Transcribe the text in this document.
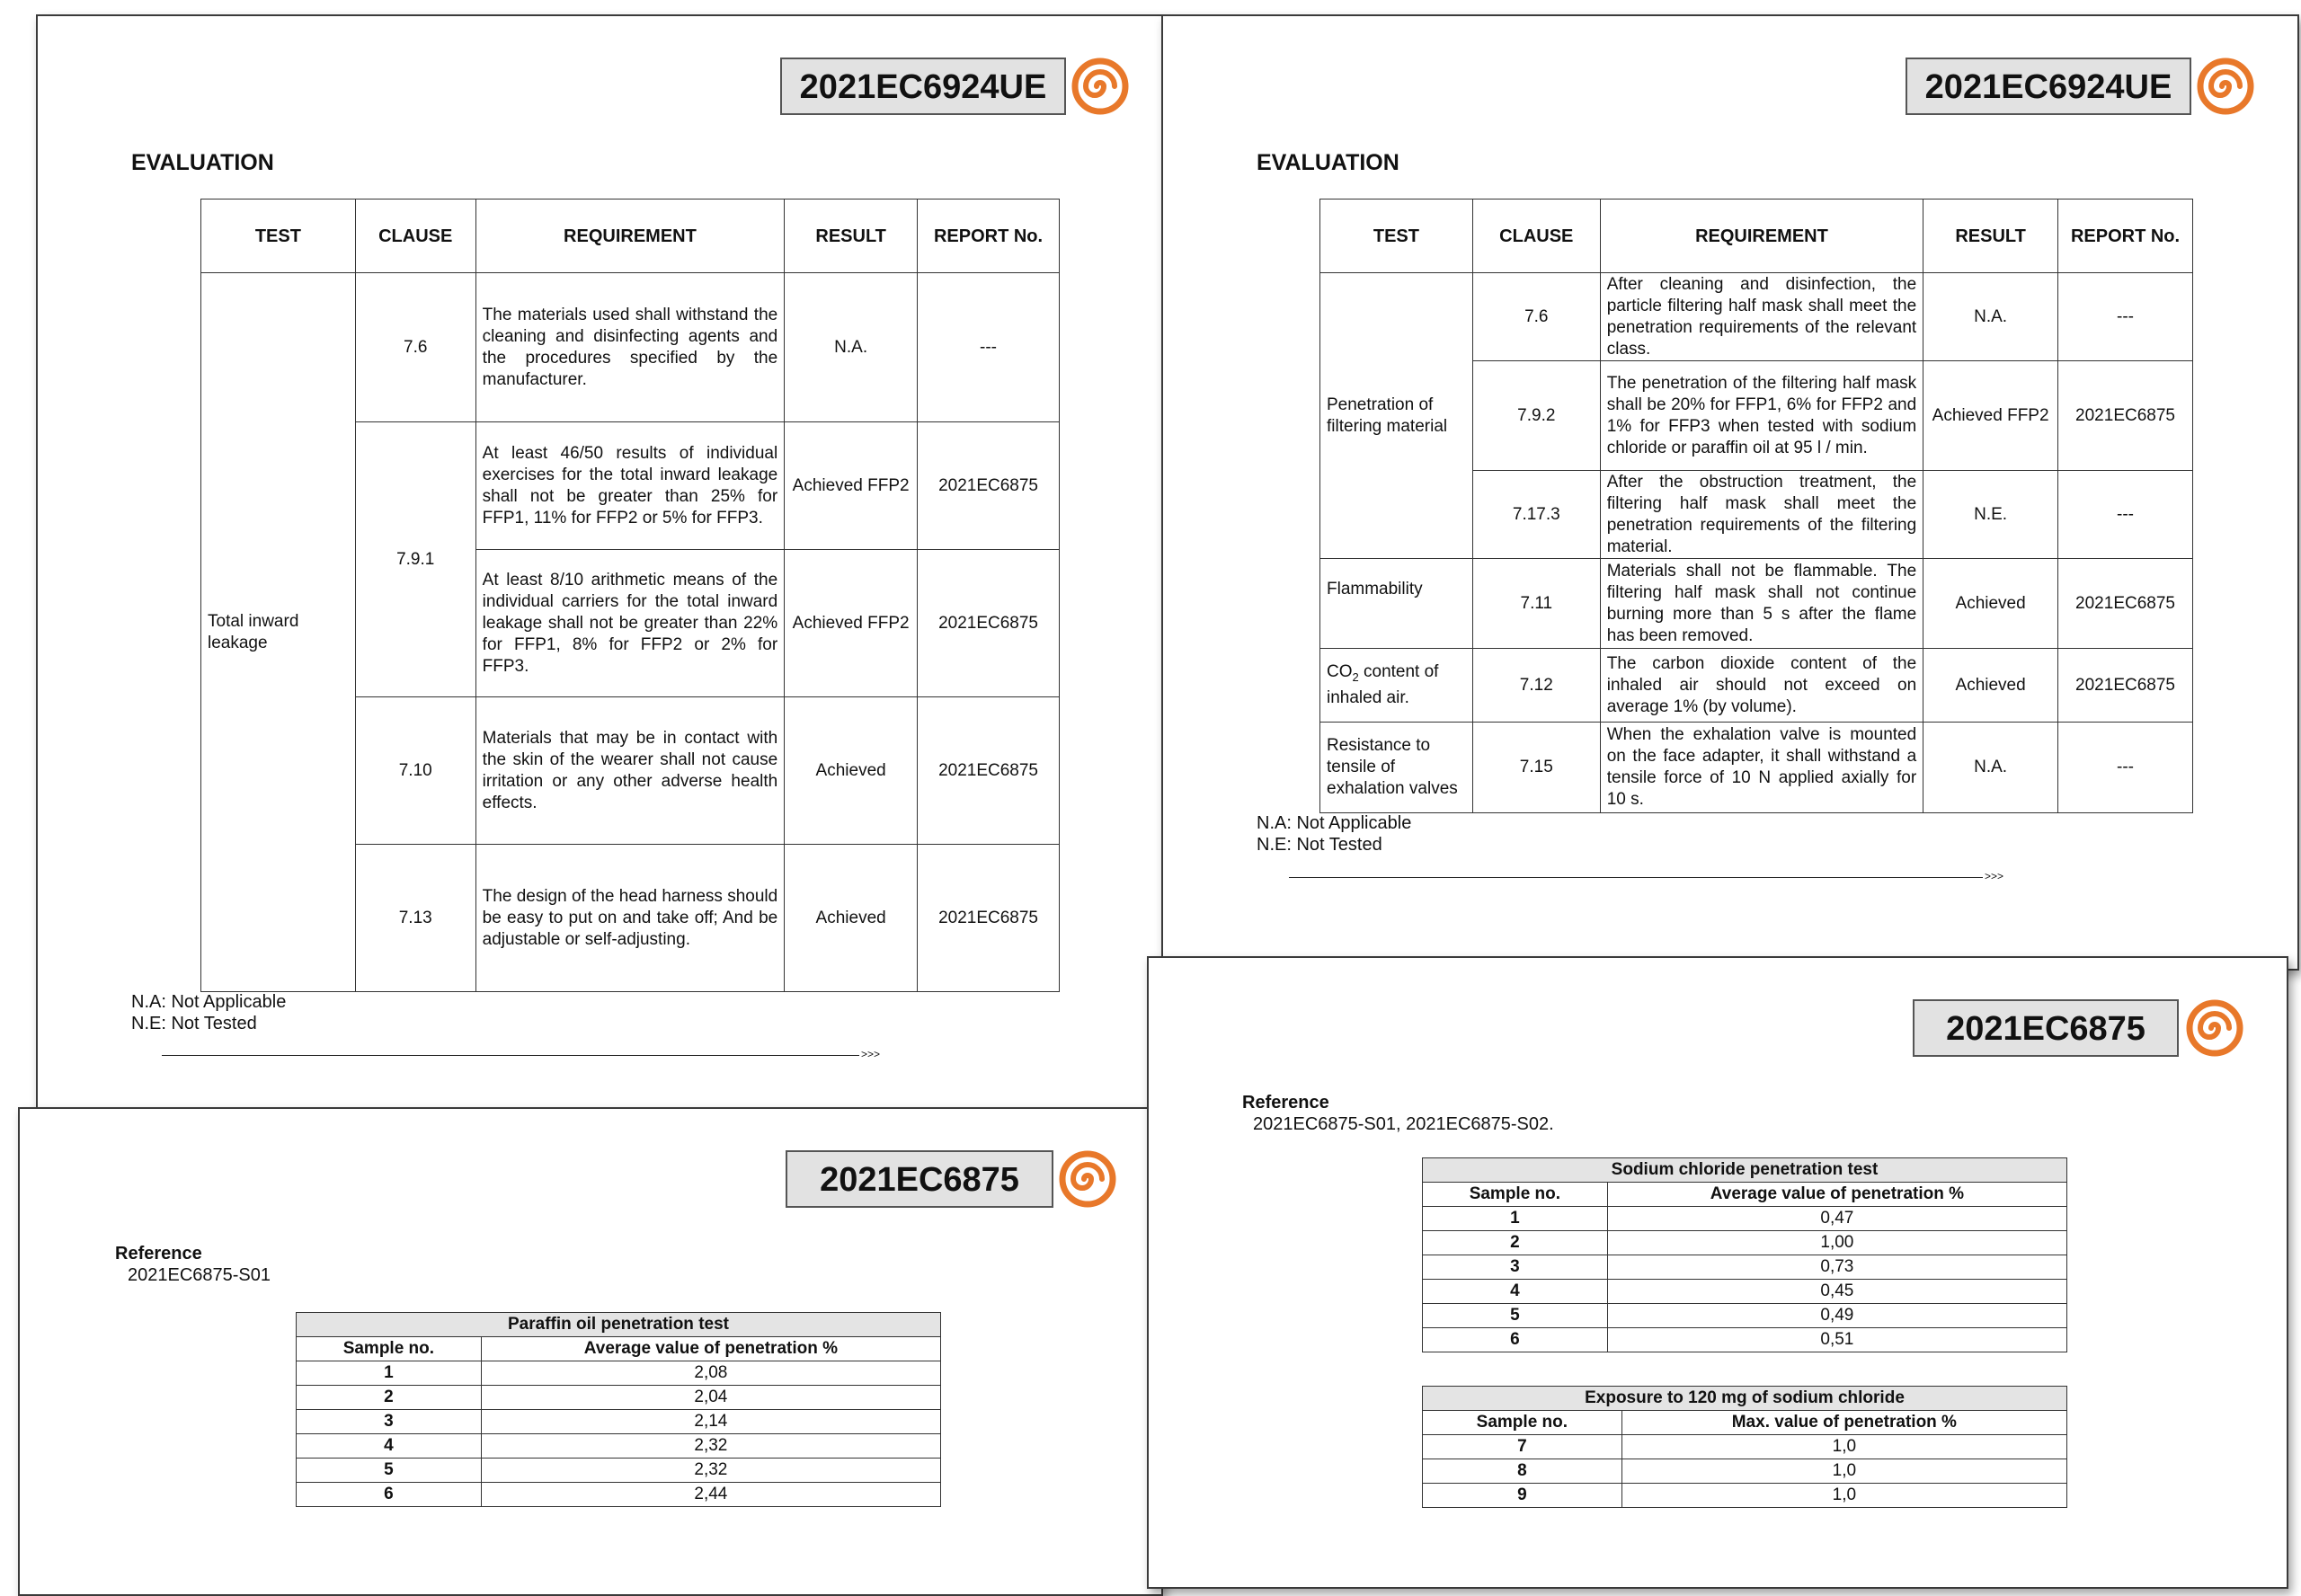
2021EC6924UE
EVALUATION
TEST	CLAUSE	REQUIREMENT	RESULT	REPORT No.
Total inward leakage	7.6	The materials used shall withstand the cleaning and disinfecting agents and the procedures specified by the manufacturer.	N.A.	---
	7.9.1	At least 46/50 results of individual exercises for the total inward leakage shall not be greater than 25% for FFP1, 11% for FFP2 or 5% for FFP3.	Achieved FFP2	2021EC6875
		At least 8/10 arithmetic means of the individual carriers for the total inward leakage shall not be greater than 22% for FFP1, 8% for FFP2 or 2% for FFP3.	Achieved FFP2	2021EC6875
	7.10	Materials that may be in contact with the skin of the wearer shall not cause irritation or any other adverse health effects.	Achieved	2021EC6875
	7.13	The design of the head harness should be easy to put on and take off; And be adjustable or self-adjusting.	Achieved	2021EC6875
N.A: Not Applicable
N.E: Not Tested
>>>
2021EC6875
Reference
2021EC6875-S01
Paraffin oil penetration test	
Sample no.	Average value of penetration %
1	2,08
2	2,04
3	2,14
4	2,32
5	2,32
6	2,44
2021EC6924UE
EVALUATION
TEST	CLAUSE	REQUIREMENT	RESULT	REPORT No.
Penetration of filtering material	7.6	After cleaning and disinfection, the particle filtering half mask shall meet the penetration requirements of the relevant class.	N.A.	---
	7.9.2	The penetration of the filtering half mask shall be 20% for FFP1, 6% for FFP2 and 1% for FFP3 when tested with sodium chloride or paraffin oil at 95 l / min.	Achieved FFP2	2021EC6875
	7.17.3	After the obstruction treatment, the filtering half mask shall meet the penetration requirements of the filtering material.	N.E.	---
Flammability	7.11	Materials shall not be flammable. The filtering half mask shall not continue burning more than 5 s after the flame has been removed.	Achieved	2021EC6875
$CO_2$ content of inhaled air.	7.12	The carbon dioxide content of the inhaled air should not exceed on average 1% (by volume).	Achieved	2021EC6875
Resistance to tensile of exhalation valves	7.15	When the exhalation valve is mounted on the face adapter, it shall withstand a tensile force of 10 N applied axially for 10 s.	N.A.	---
N.A: Not Applicable
N.E: Not Tested
>>>
2021EC6875
Reference
2021EC6875-S01, 2021EC6875-S02.
Sodium chloride penetration test	
Sample no.	Average value of penetration %
1	0,47
2	1,00
3	0,73
4	0,45
5	0,49
6	0,51
Exposure to 120 mg of sodium chloride	
Sample no.	Max. value of penetration %
7	1,0
8	1,0
9	1,0
